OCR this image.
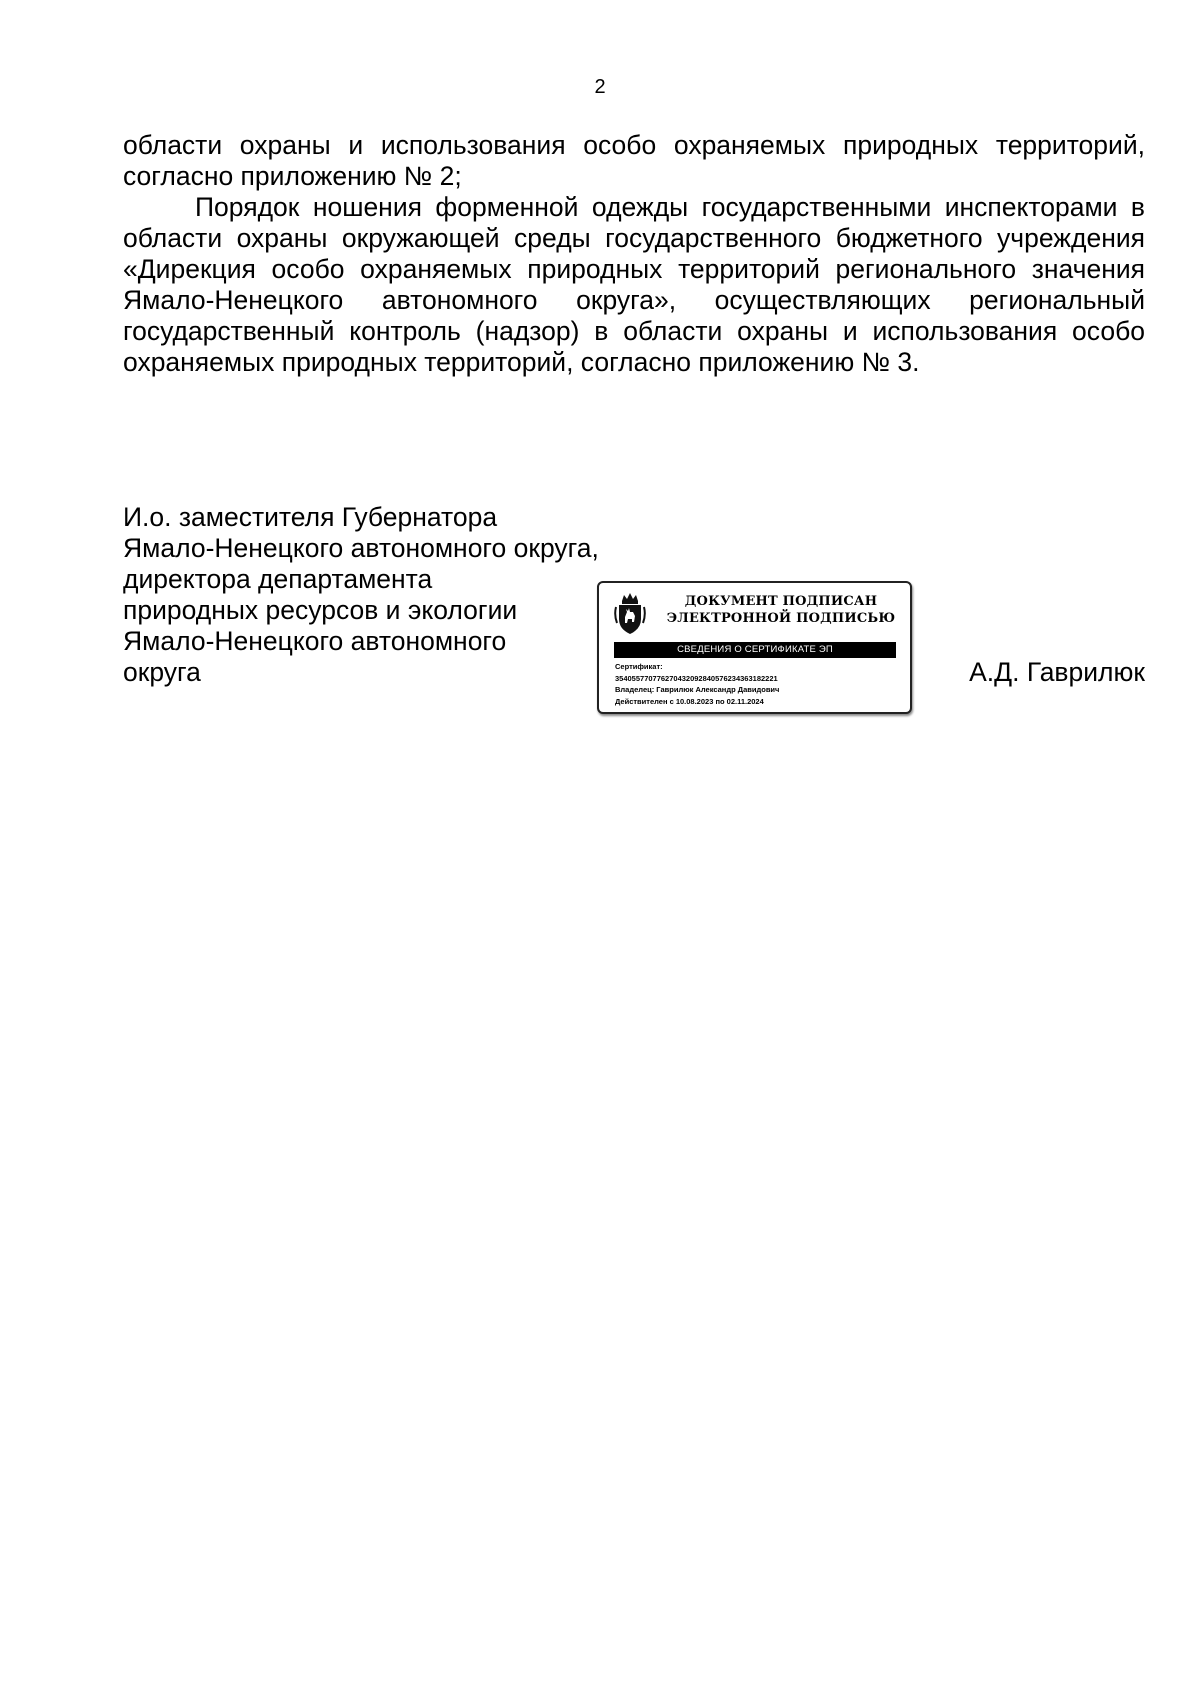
2

области охраны и использования особо охраняемых природных территорий, согласно приложению № 2;

Порядок ношения форменной одежды государственными инспекторами в области охраны окружающей среды государственного бюджетного учреждения «Дирекция особо охраняемых природных территорий регионального значения Ямало-Ненецкого автономного округа», осуществляющих региональный государственный контроль (надзор) в области охраны и использования особо охраняемых природных территорий, согласно приложению № 3.

И.о. заместителя Губернатора
Ямало-Ненецкого автономного округа,
директора департамента
природных ресурсов и экологии
Ямало-Ненецкого автономного
округа
ДОКУМЕНТ ПОДПИСАН
ЭЛЕКТРОННОЙ ПОДПИСЬЮ
СВЕДЕНИЯ О СЕРТИФИКАТЕ ЭП
Сертификат:
354055770776270432092840576234363182221
Владелец: Гаврилюк Александр Давидович
Действителен с 10.08.2023 по 02.11.2024
А.Д. Гаврилюк
